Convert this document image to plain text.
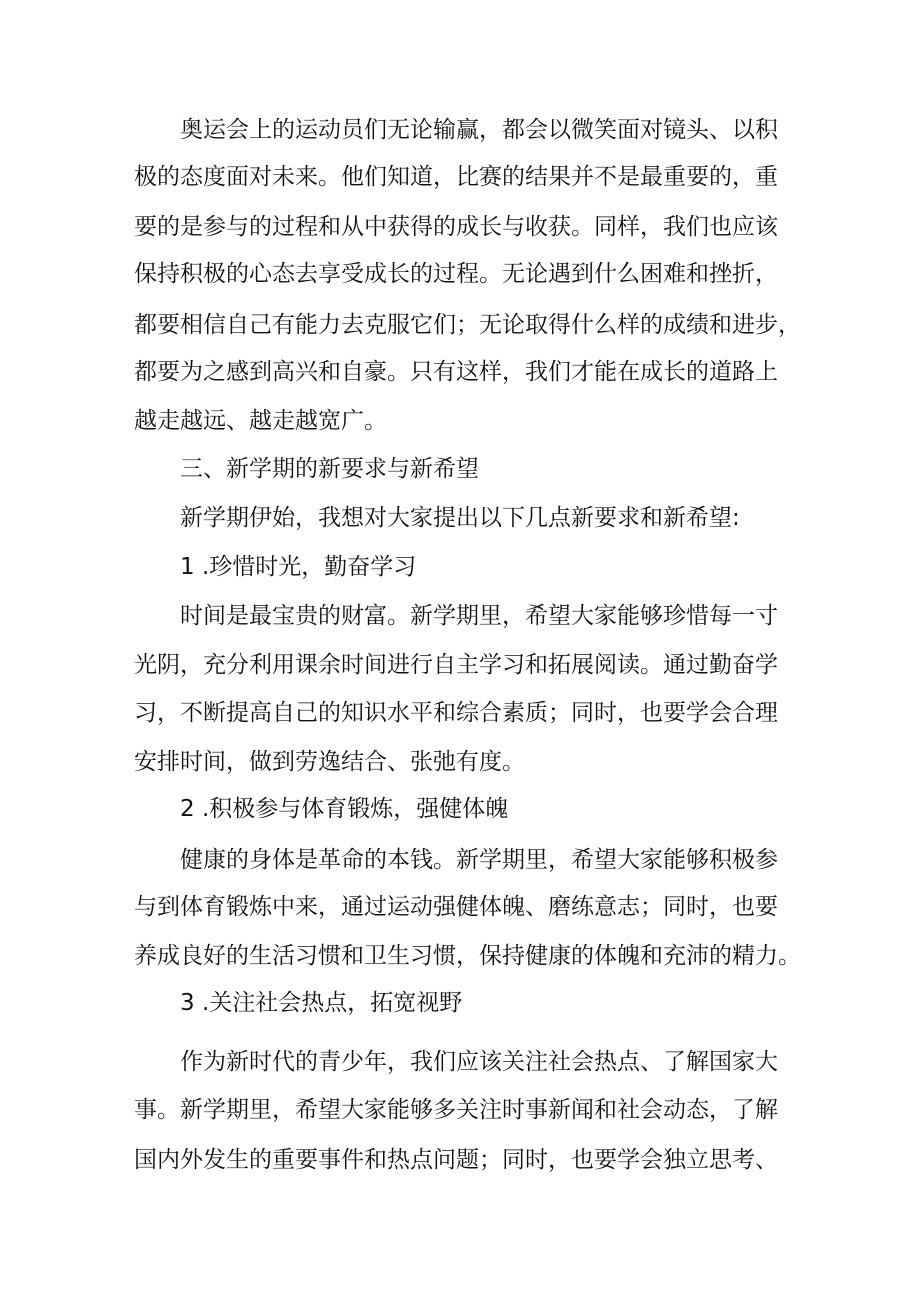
奥运会上的运动员们无论输赢，都会以微笑面对镜头、以积

极的态度面对未来。他们知道，比赛的结果并不是最重要的，重

要的是参与的过程和从中获得的成长与收获。同样，我们也应该

保持积极的心态去享受成长的过程。无论遇到什么困难和挫折，

都要相信自己有能力去克服它们；无论取得什么样的成绩和进步，

都要为之感到高兴和自豪。只有这样，我们才能在成长的道路上

越走越远、越走越宽广。

三、新学期的新要求与新希望

新学期伊始，我想对大家提出以下几点新要求和新希望:

1 .珍惜时光，勤奋学习

时间是最宝贵的财富。新学期里，希望大家能够珍惜每一寸

光阴，充分利用课余时间进行自主学习和拓展阅读。通过勤奋学

习，不断提高自己的知识水平和综合素质；同时，也要学会合理

安排时间，做到劳逸结合、张弛有度。

2 .积极参与体育锻炼，强健体魄

健康的身体是革命的本钱。新学期里，希望大家能够积极参

与到体育锻炼中来，通过运动强健体魄、磨练意志；同时，也要

养成良好的生活习惯和卫生习惯，保持健康的体魄和充沛的精力。

3 .关注社会热点，拓宽视野

作为新时代的青少年，我们应该关注社会热点、了解国家大

事。新学期里，希望大家能够多关注时事新闻和社会动态，了解

国内外发生的重要事件和热点问题；同时，也要学会独立思考、
